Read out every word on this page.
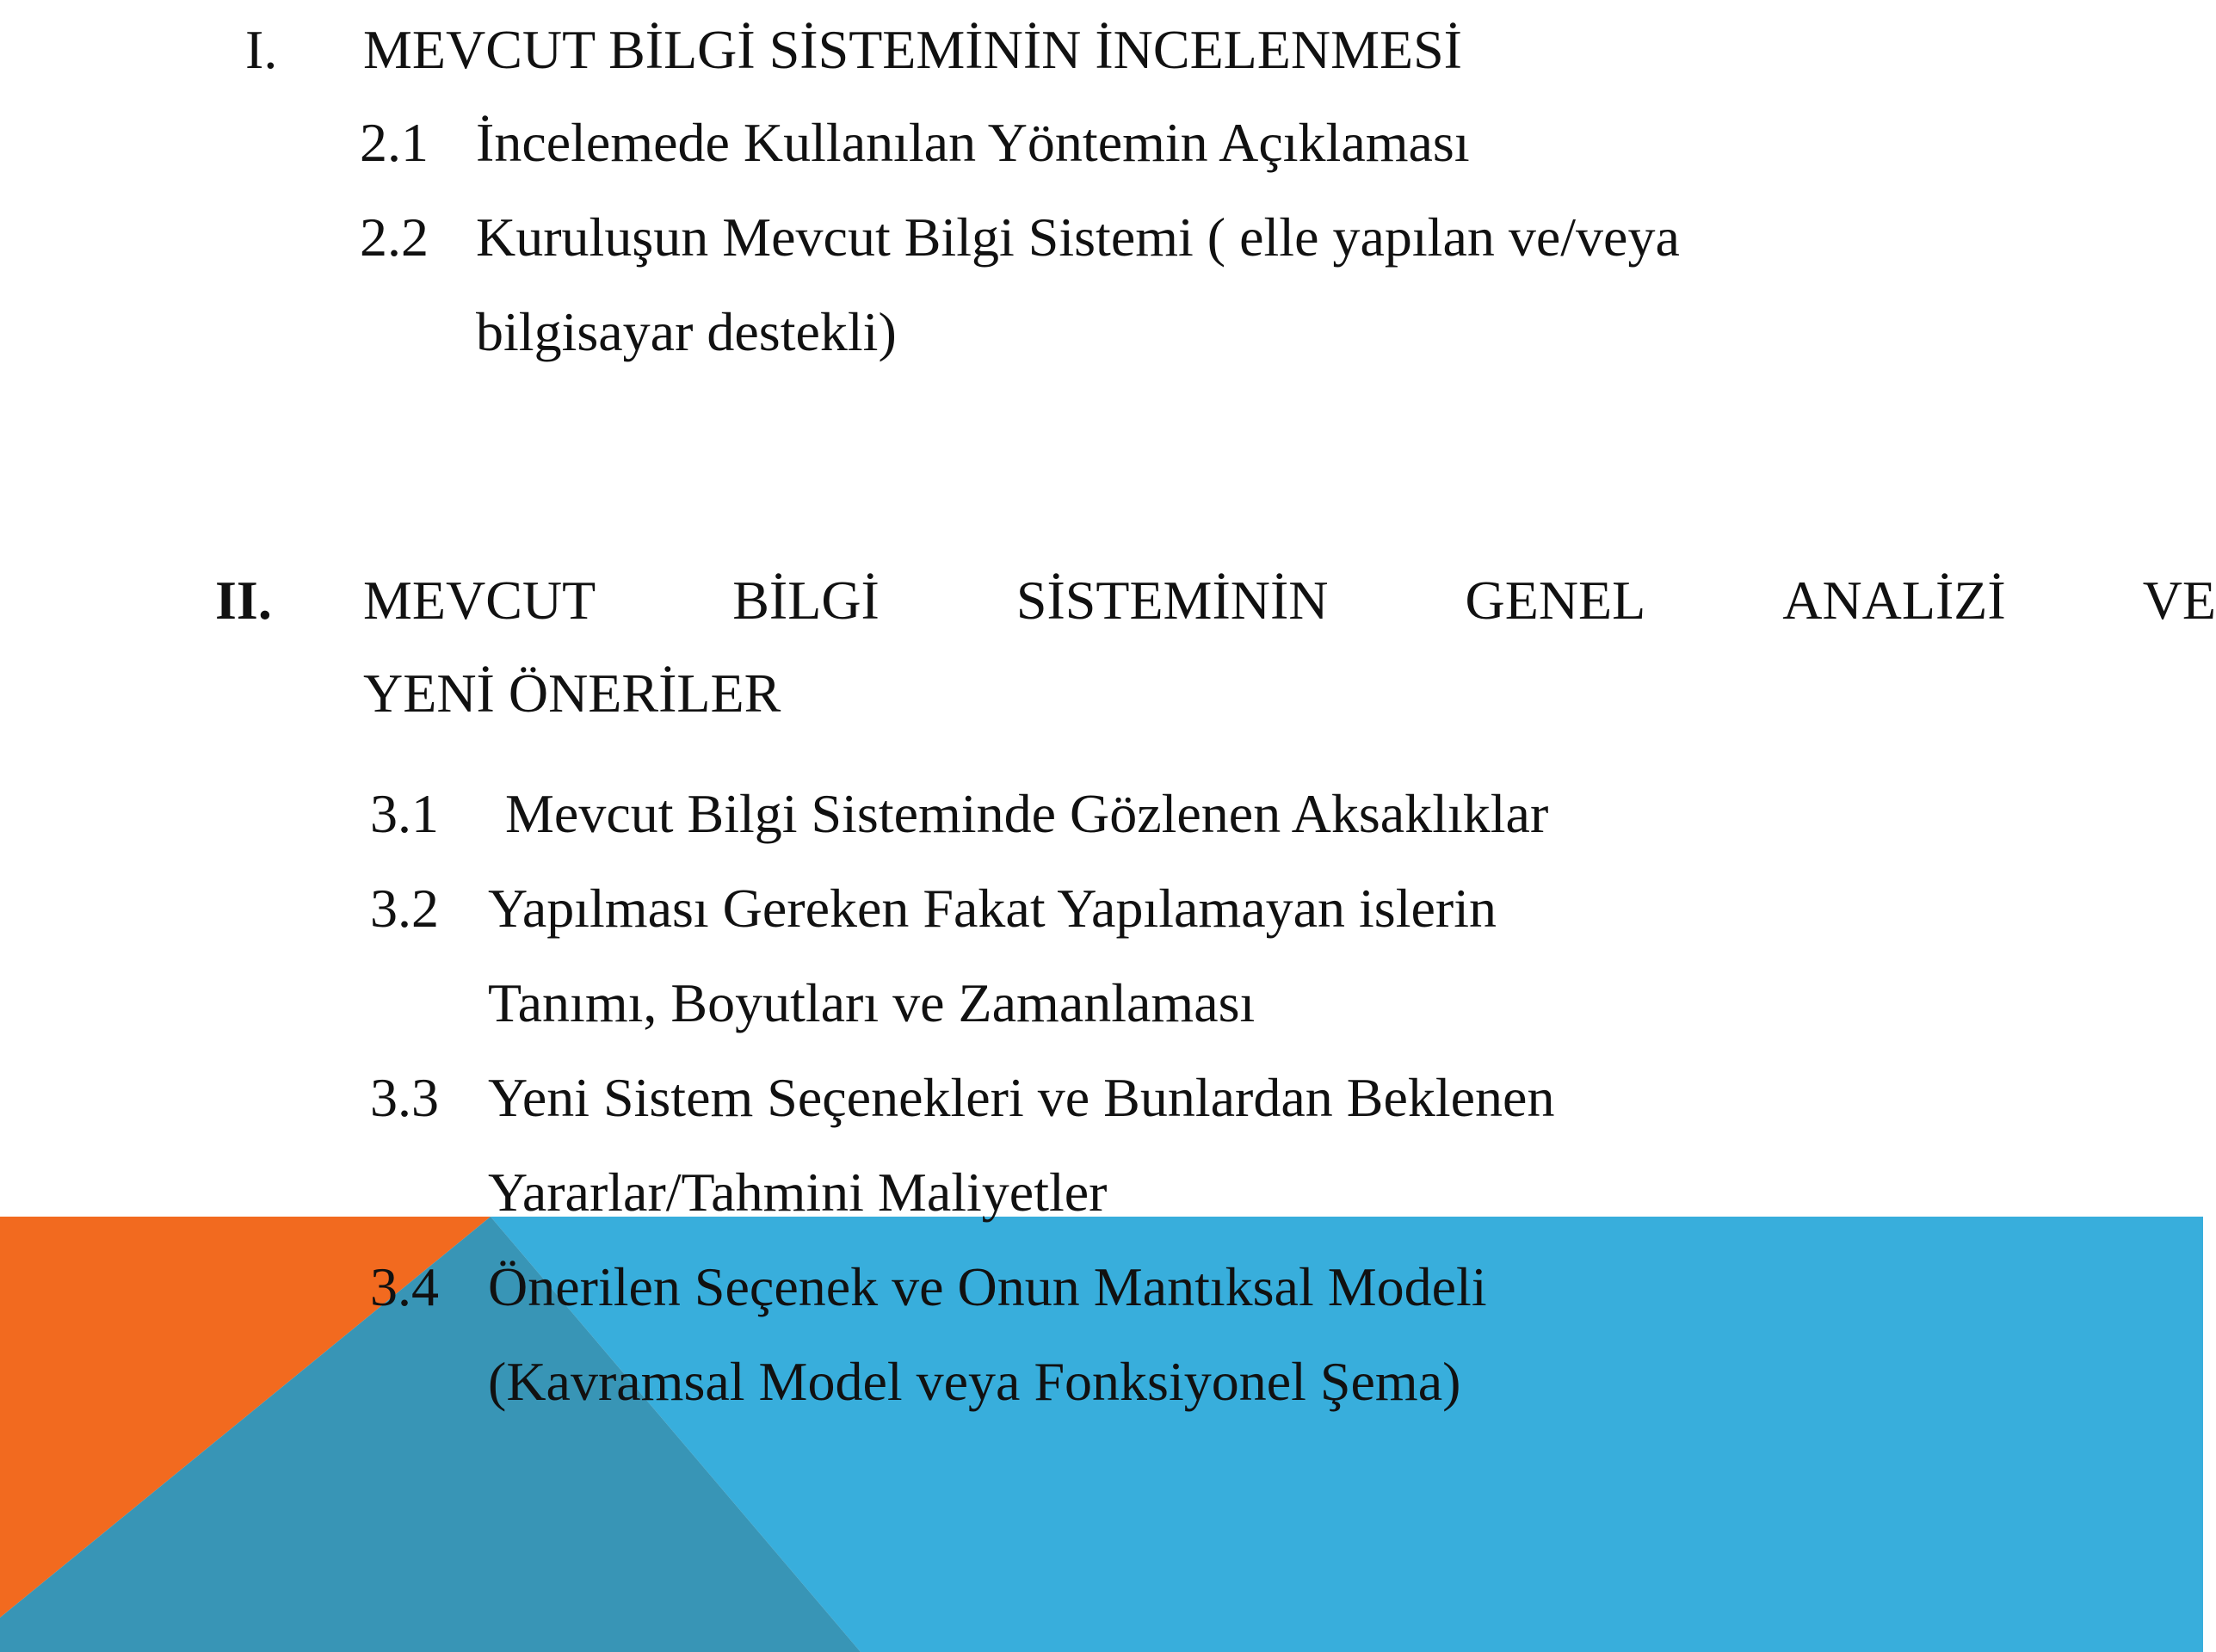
I. MEVCUT BİLGİ SİSTEMİNİN İNCELENMESİ
2.1 İncelemede Kullanılan Yöntemin Açıklaması
2.2 Kuruluşun Mevcut Bilgi Sistemi ( elle yapılan ve/veya
bilgisayar destekli)
II. MEVCUT BİLGİ SİSTEMİNİN GENEL ANALİZİ VE
YENİ ÖNERİLER
3.1 Mevcut Bilgi Sisteminde Gözlenen Aksaklıklar
3.2 Yapılması Gereken Fakat Yapılamayan islerin
Tanımı, Boyutları ve Zamanlaması
3.3 Yeni Sistem Seçenekleri ve Bunlardan Beklenen
Yararlar/Tahmini Maliyetler
3.4 Önerilen Seçenek ve Onun Mantıksal Modeli
(Kavramsal Model veya Fonksiyonel Şema)
